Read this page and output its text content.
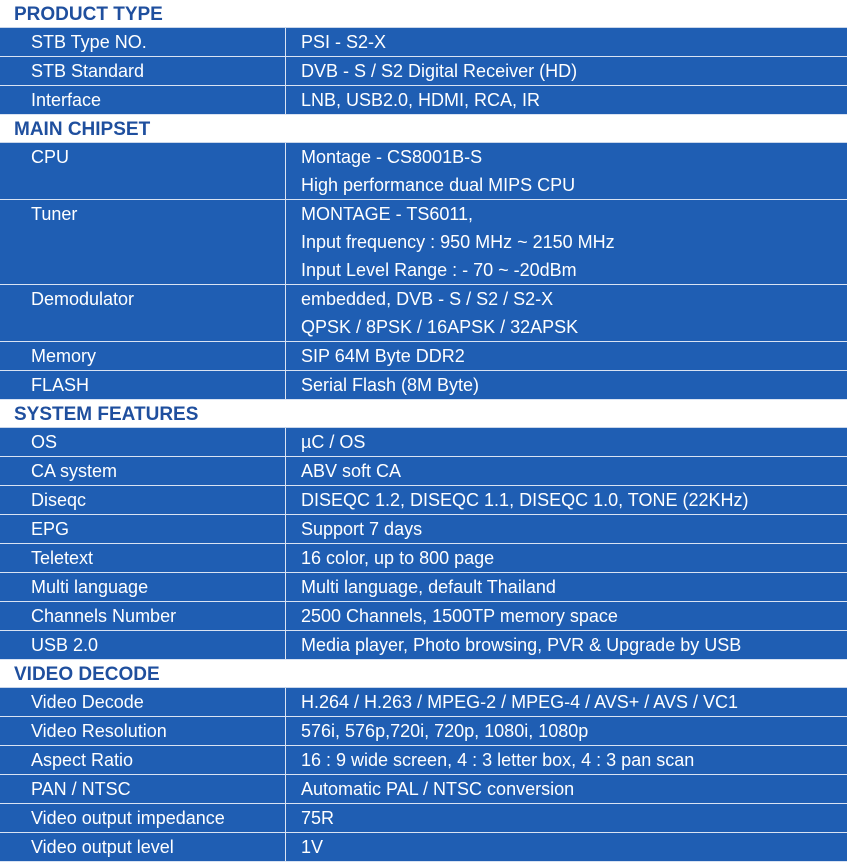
PRODUCT TYPE
STB Type NO.	PSI - S2-X
STB Standard	DVB - S / S2 Digital Receiver (HD)
Interface	LNB, USB2.0, HDMI, RCA, IR
MAIN CHIPSET
CPU	Montage - CS8001B-S
High performance dual MIPS CPU
Tuner	MONTAGE - TS6011,
Input frequency : 950 MHz ~ 2150 MHz
Input Level Range : - 70 ~ -20dBm
Demodulator	embedded, DVB - S / S2 / S2-X
QPSK / 8PSK / 16APSK / 32APSK
Memory	SIP 64M Byte DDR2
FLASH	Serial Flash (8M Byte)
SYSTEM FEATURES
OS	µC / OS
CA system	ABV soft CA
Diseqc	DISEQC 1.2, DISEQC 1.1, DISEQC 1.0, TONE (22KHz)
EPG	Support 7 days
Teletext	16 color, up to 800 page
Multi language	Multi language, default Thailand
Channels Number	2500 Channels, 1500TP memory space
USB 2.0	Media player, Photo browsing, PVR & Upgrade by USB
VIDEO DECODE
Video Decode	H.264 / H.263 / MPEG-2 / MPEG-4 / AVS+ / AVS / VC1
Video Resolution	576i, 576p,720i, 720p, 1080i, 1080p
Aspect Ratio	16 : 9 wide screen, 4 : 3 letter box, 4 : 3 pan scan
PAN / NTSC	Automatic PAL / NTSC conversion
Video output impedance	75R
Video output level	1V
